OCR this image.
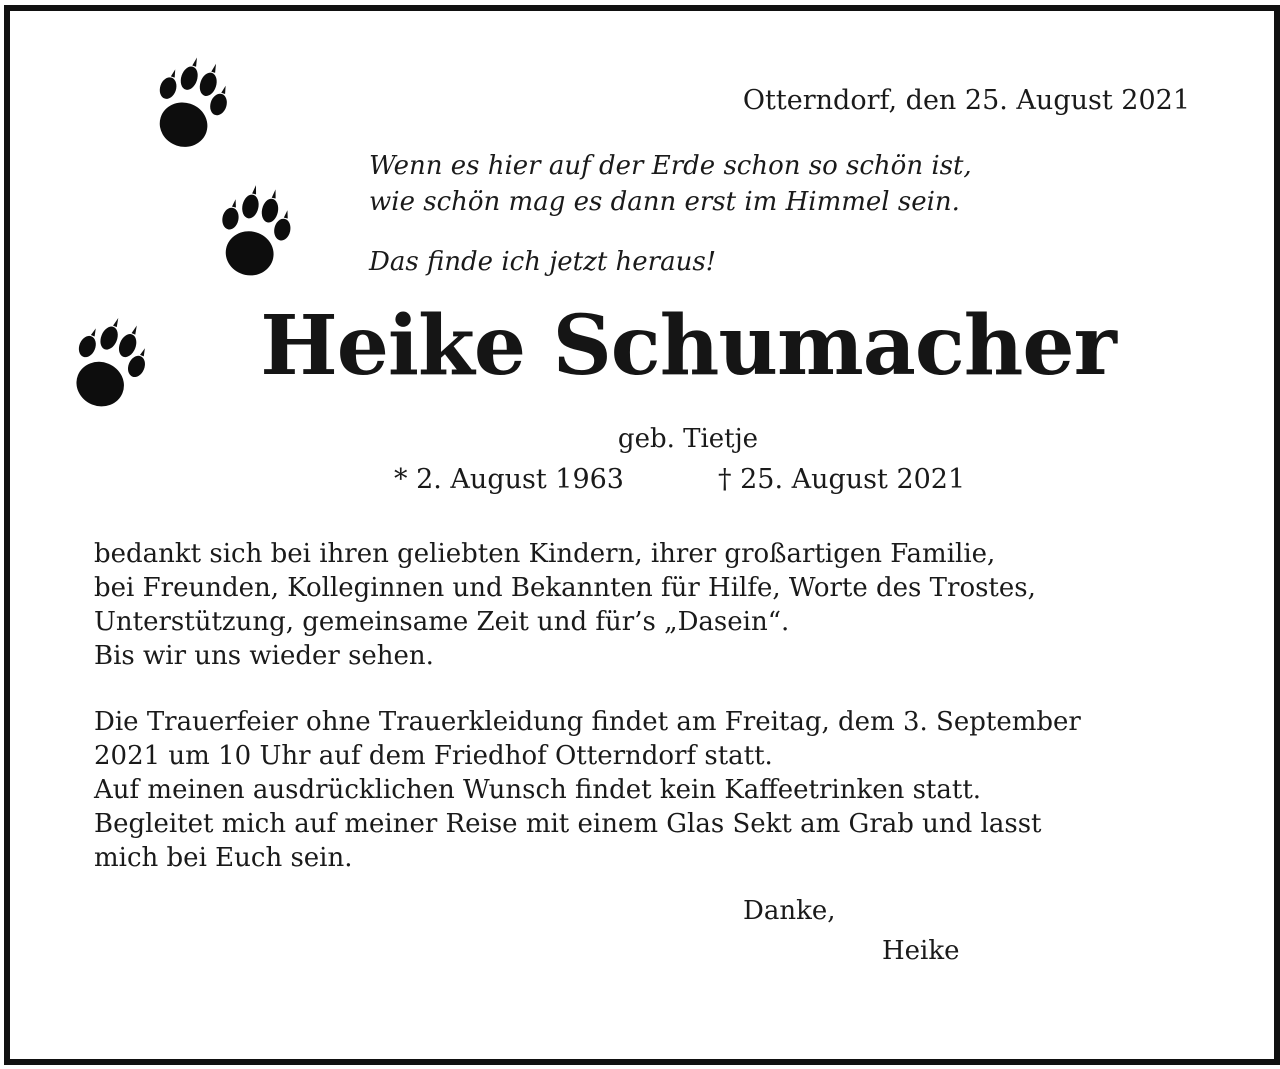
Otterndorf, den 25. August 2021
Wenn es hier auf der Erde schon so schön ist,
wie schön mag es dann erst im Himmel sein.
Das finde ich jetzt heraus!
Heike Schumacher
geb. Tietje
* 2. August 1963	† 25. August 2021
bedankt sich bei ihren geliebten Kindern, ihrer großartigen Familie,
bei Freunden, Kolleginnen und Bekannten für Hilfe, Worte des Trostes,
Unterstützung, gemeinsame Zeit und für’s „Dasein“.
Bis wir uns wieder sehen.
Die Trauerfeier ohne Trauerkleidung findet am Freitag, dem 3. September
2021 um 10 Uhr auf dem Friedhof Otterndorf statt.
Auf meinen ausdrücklichen Wunsch findet kein Kaffeetrinken statt.
Begleitet mich auf meiner Reise mit einem Glas Sekt am Grab und lasst
mich bei Euch sein.
Danke,
Heike
